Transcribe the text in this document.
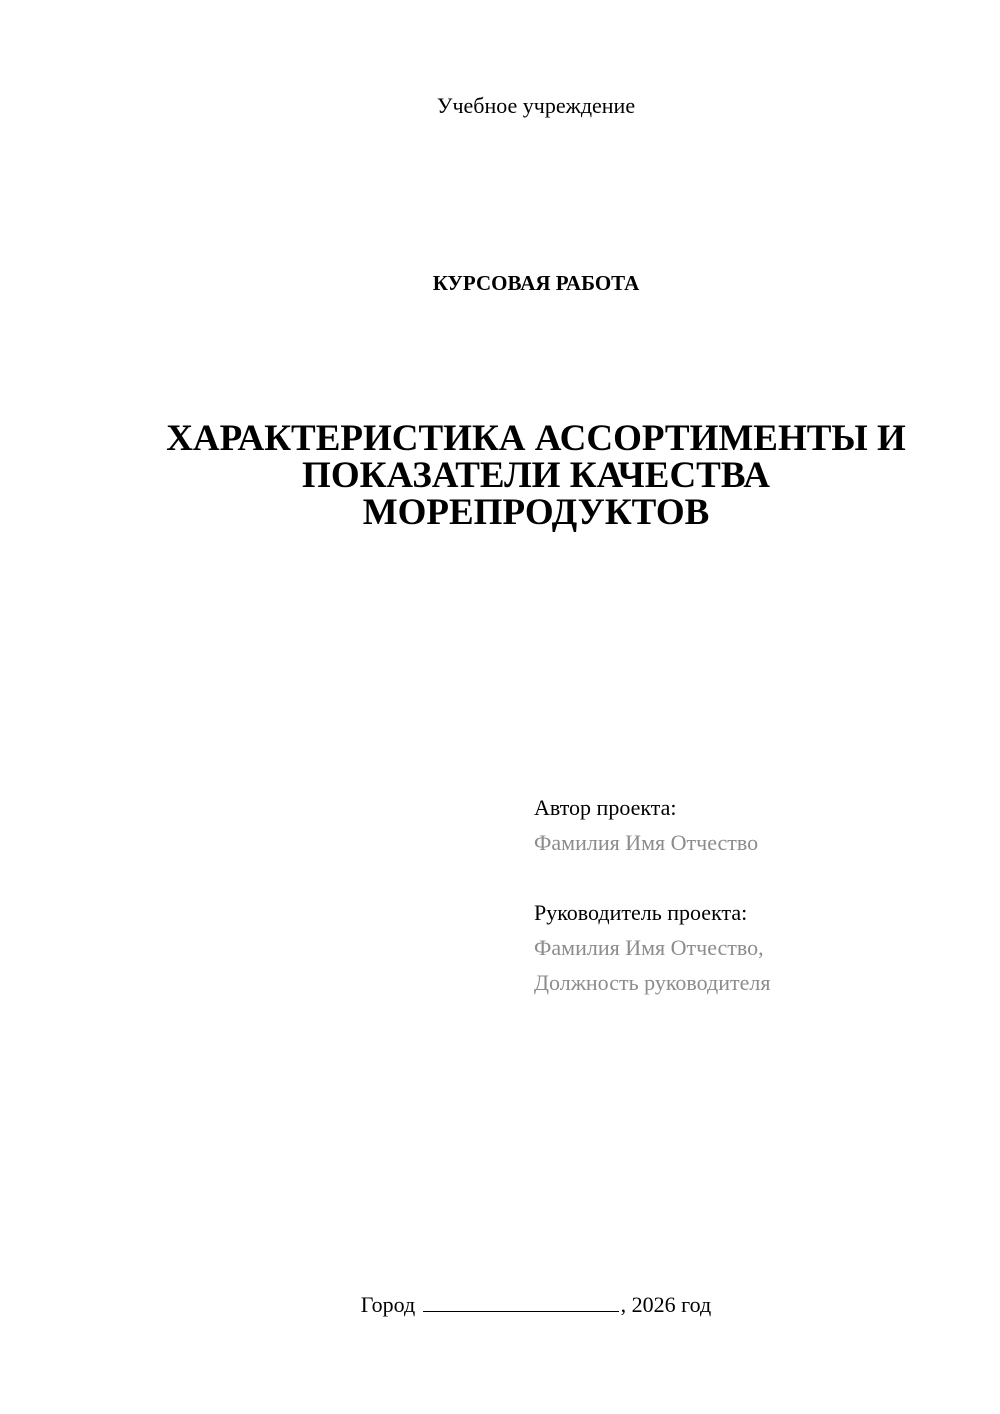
Учебное учреждение
КУРСОВАЯ РАБОТА
ХАРАКТЕРИСТИКА АССОРТИМЕНТЫ И
ПОКАЗАТЕЛИ КАЧЕСТВА
МОРЕПРОДУКТОВ
Автор проекта:
Фамилия Имя Отчество
Руководитель проекта:
Фамилия Имя Отчество,
Должность руководителя
Город	, 2026 год
